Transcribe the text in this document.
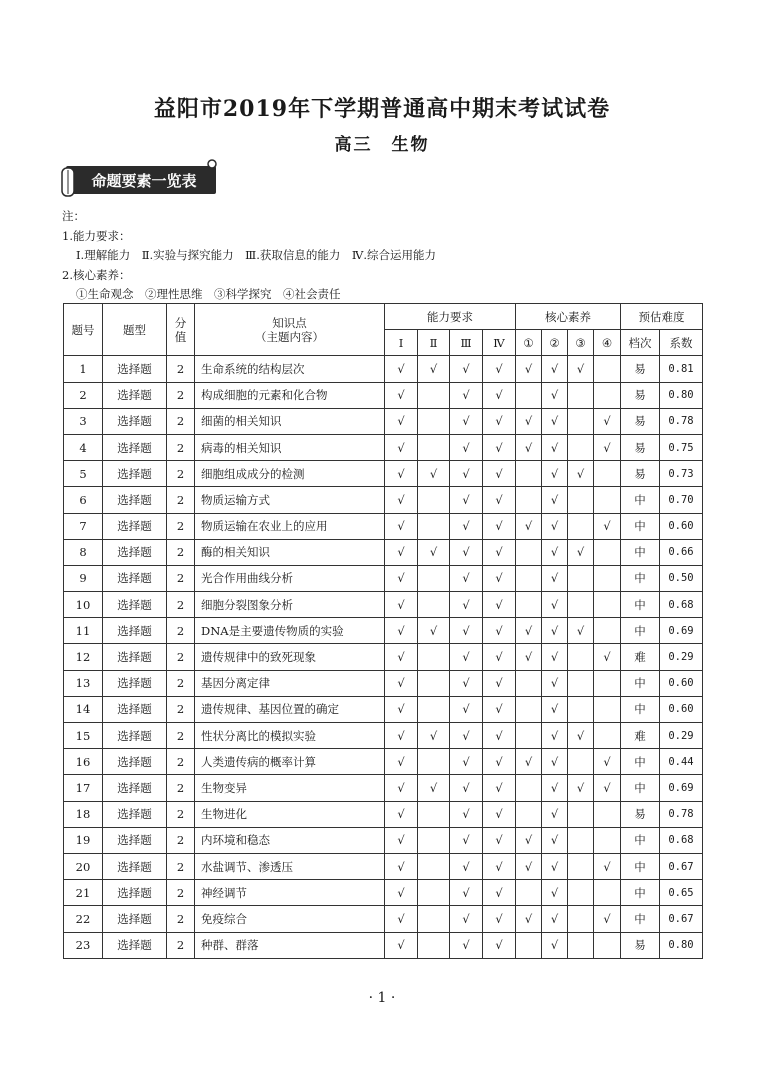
益阳市2019年下学期普通高中期末考试试卷
高三　生物
命题要素一览表
注：
1.能力要求：
Ⅰ.理解能力　Ⅱ.实验与探究能力　Ⅲ.获取信息的能力　Ⅳ.综合运用能力
2.核心素养：
①生命观念　②理性思维　③科学探究　④社会责任
题号	题型	分值	知识点
（主题内容）	能力要求				核心素养				预估难度	
				Ⅰ	Ⅱ	Ⅲ	Ⅳ	①	②	③	④	档次	系数
1	选择题	2	生命系统的结构层次	√	√	√	√	√	√	√		易	0.81
2	选择题	2	构成细胞的元素和化合物	√		√	√		√			易	0.80
3	选择题	2	细菌的相关知识	√		√	√	√	√		√	易	0.78
4	选择题	2	病毒的相关知识	√		√	√	√	√		√	易	0.75
5	选择题	2	细胞组成成分的检测	√	√	√	√		√	√		易	0.73
6	选择题	2	物质运输方式	√		√	√		√			中	0.70
7	选择题	2	物质运输在农业上的应用	√		√	√	√	√		√	中	0.60
8	选择题	2	酶的相关知识	√	√	√	√		√	√		中	0.66
9	选择题	2	光合作用曲线分析	√		√	√		√			中	0.50
10	选择题	2	细胞分裂图象分析	√		√	√		√			中	0.68
11	选择题	2	DNA是主要遗传物质的实验	√	√	√	√	√	√	√		中	0.69
12	选择题	2	遗传规律中的致死现象	√		√	√	√	√		√	难	0.29
13	选择题	2	基因分离定律	√		√	√		√			中	0.60
14	选择题	2	遗传规律、基因位置的确定	√		√	√		√			中	0.60
15	选择题	2	性状分离比的模拟实验	√	√	√	√		√	√		难	0.29
16	选择题	2	人类遗传病的概率计算	√		√	√	√	√		√	中	0.44
17	选择题	2	生物变异	√	√	√	√		√	√	√	中	0.69
18	选择题	2	生物进化	√		√	√		√			易	0.78
19	选择题	2	内环境和稳态	√		√	√	√	√			中	0.68
20	选择题	2	水盐调节、渗透压	√		√	√	√	√		√	中	0.67
21	选择题	2	神经调节	√		√	√		√			中	0.65
22	选择题	2	免疫综合	√		√	√	√	√		√	中	0.67
23	选择题	2	种群、群落	√		√	√		√			易	0.80
· 1 ·
